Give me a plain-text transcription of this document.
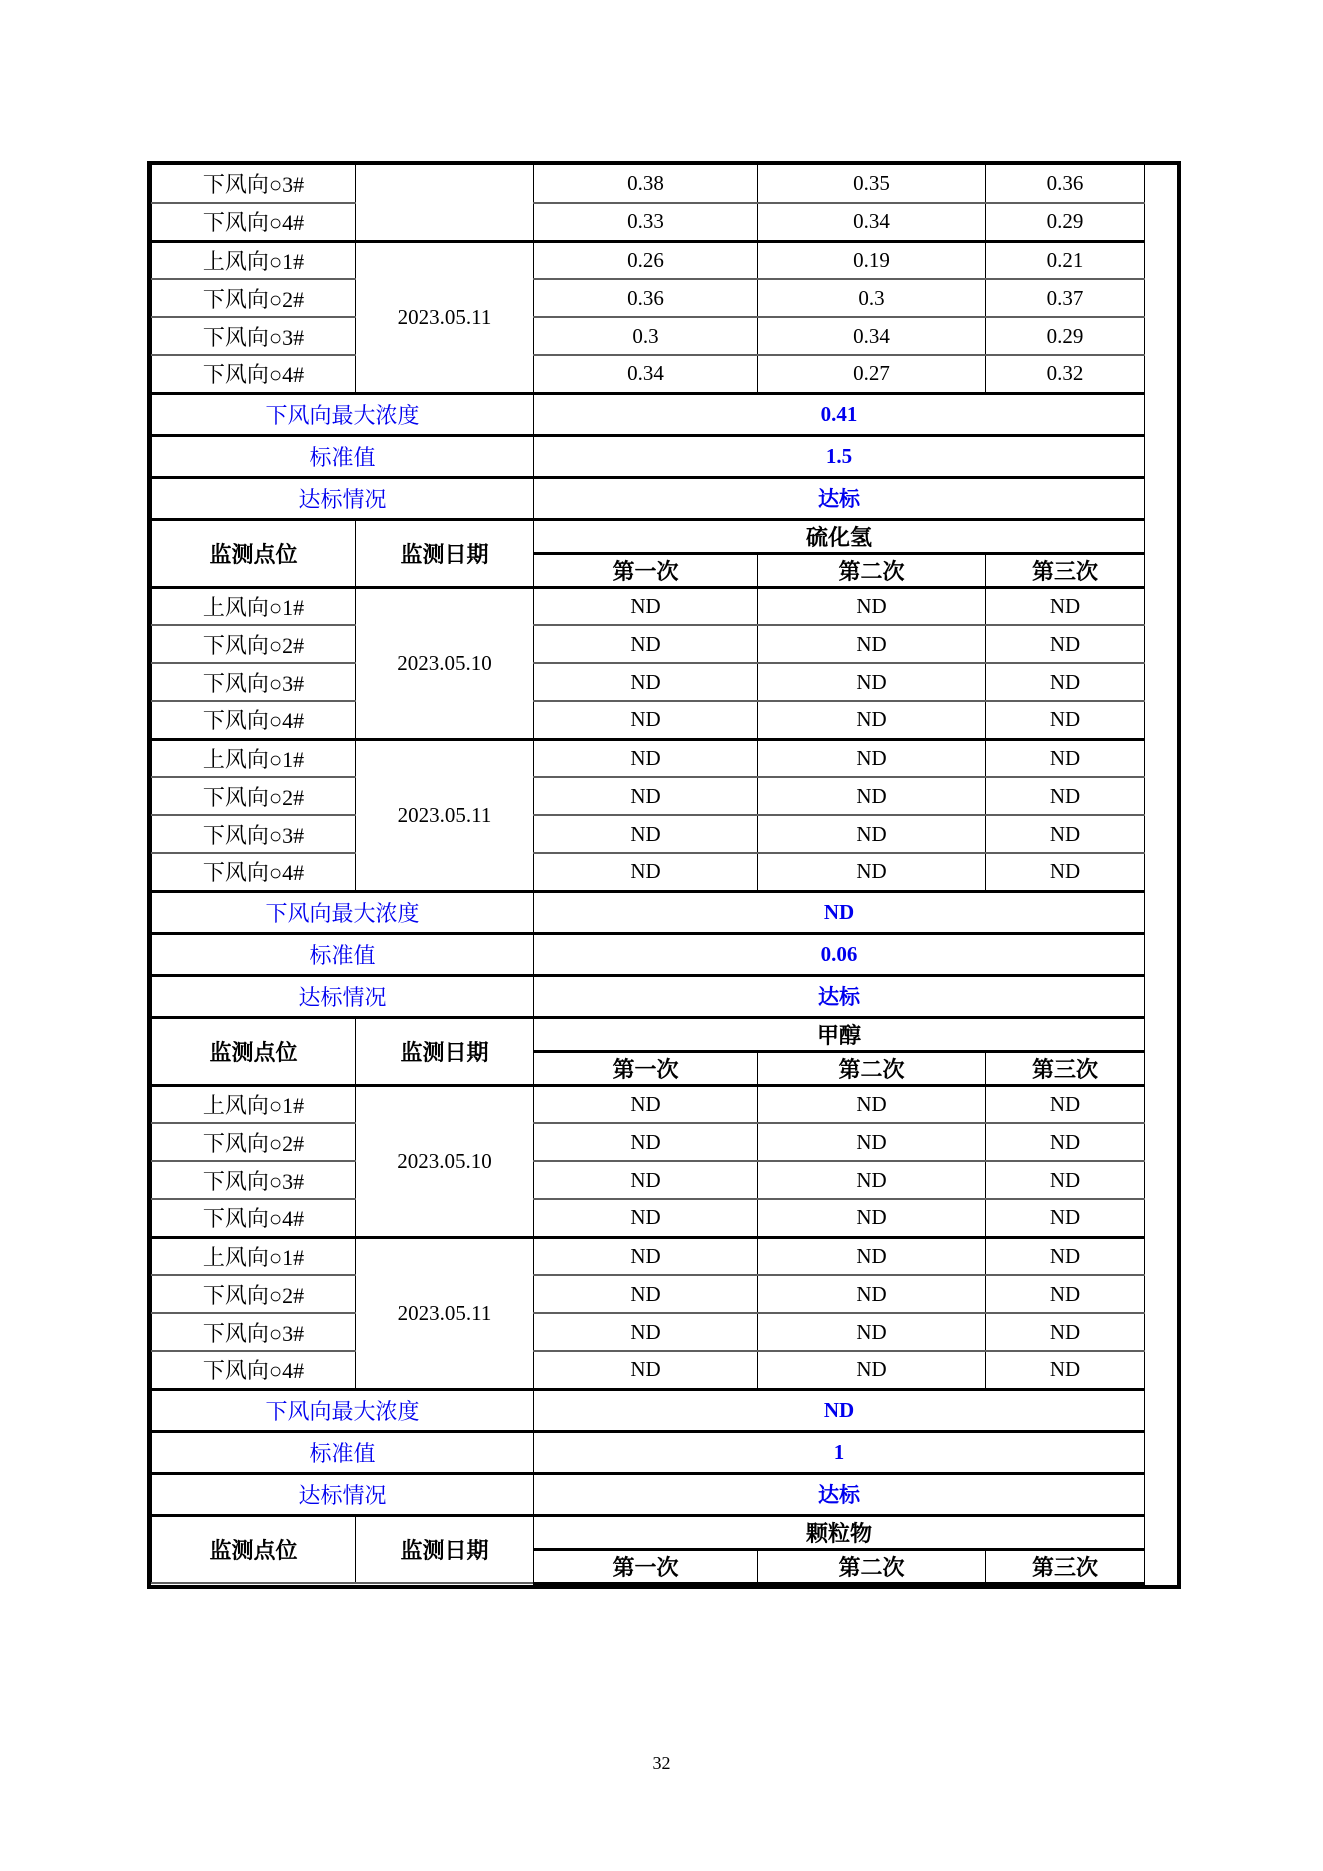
下风向○3#		0.38	0.35	0.36
下风向○4#		0.33	0.34	0.29
上风向○1#	2023.05.11	0.26	0.19	0.21
下风向○2#		0.36	0.3	0.37
下风向○3#		0.3	0.34	0.29
下风向○4#		0.34	0.27	0.32
下风向最大浓度		0.41		
标准值		1.5		
达标情况		达标		
监测点位	监测日期	硫化氢		
		第一次	第二次	第三次
上风向○1#	2023.05.10	ND	ND	ND
下风向○2#		ND	ND	ND
下风向○3#		ND	ND	ND
下风向○4#		ND	ND	ND
上风向○1#	2023.05.11	ND	ND	ND
下风向○2#		ND	ND	ND
下风向○3#		ND	ND	ND
下风向○4#		ND	ND	ND
下风向最大浓度		ND		
标准值		0.06		
达标情况		达标		
监测点位	监测日期	甲醇		
		第一次	第二次	第三次
上风向○1#	2023.05.10	ND	ND	ND
下风向○2#		ND	ND	ND
下风向○3#		ND	ND	ND
下风向○4#		ND	ND	ND
上风向○1#	2023.05.11	ND	ND	ND
下风向○2#		ND	ND	ND
下风向○3#		ND	ND	ND
下风向○4#		ND	ND	ND
下风向最大浓度		ND		
标准值		1		
达标情况		达标		
监测点位	监测日期	颗粒物		
		第一次	第二次	第三次
32
